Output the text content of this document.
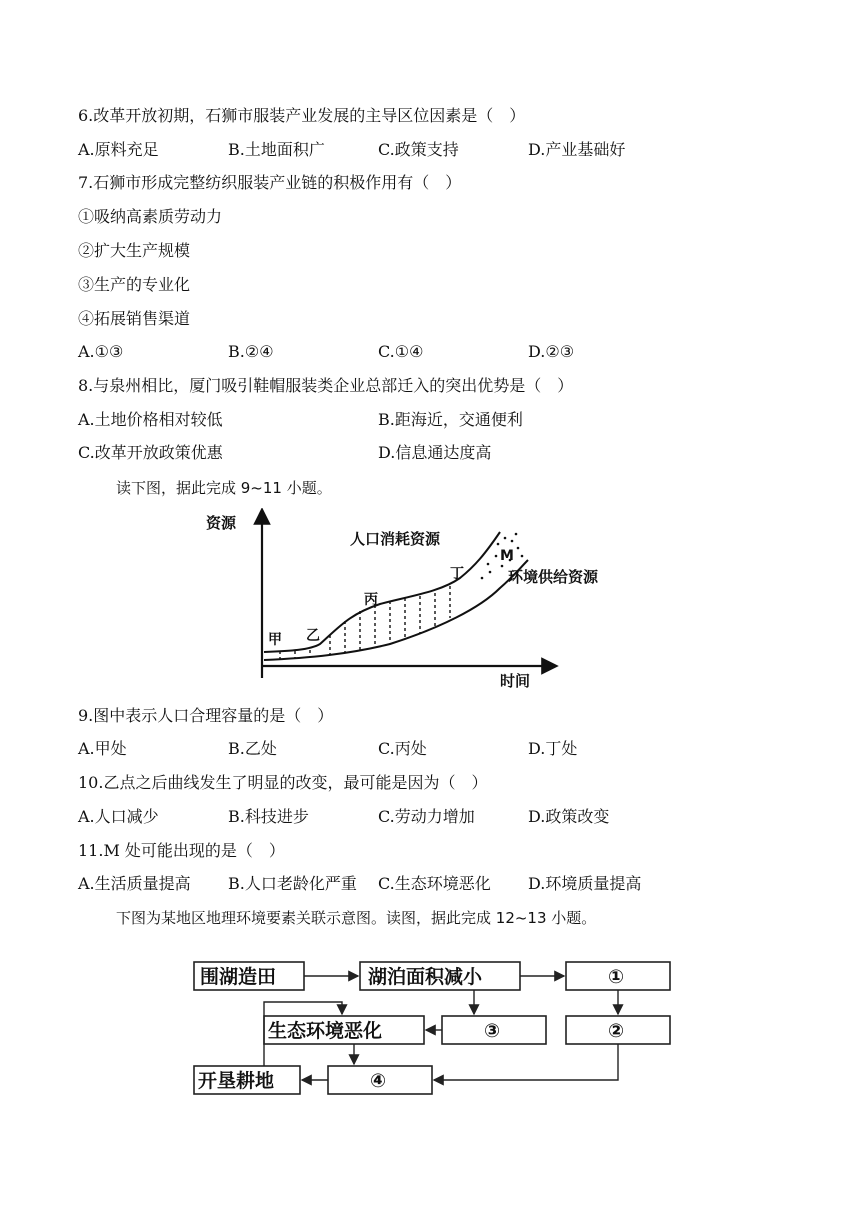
6.改革开放初期，石狮市服装产业发展的主导区位因素是（　）
A.原料充足	B.土地面积广	C.政策支持	D.产业基础好
7.石狮市形成完整纺织服装产业链的积极作用有（　）
①吸纳高素质劳动力
②扩大生产规模
③生产的专业化
④拓展销售渠道
A.①③	B.②④	C.①④	D.②③
8.与泉州相比，厦门吸引鞋帽服装类企业总部迁入的突出优势是（　）
A.土地价格相对较低	B.距海近，交通便利
C.改革开放政策优惠	D.信息通达度高
读下图，据此完成 9~11 小题。
资源
时间
M
人口消耗资源
环境供给资源
甲 乙
丙
丁
9.图中表示人口合理容量的是（　）
A.甲处	B.乙处	C.丙处	D.丁处
10.乙点之后曲线发生了明显的改变，最可能是因为（　）
A.人口减少	B.科技进步	C.劳动力增加	D.政策改变
11.M 处可能出现的是（　）
A.生活质量提高 B.人口老龄化严重 C.生态环境恶化 D.环境质量提高
下图为某地区地理环境要素关联示意图。读图，据此完成 12~13 小题。
围湖造田	湖泊面积减小	①
生态环境恶化	③	②
开垦耕地	④
